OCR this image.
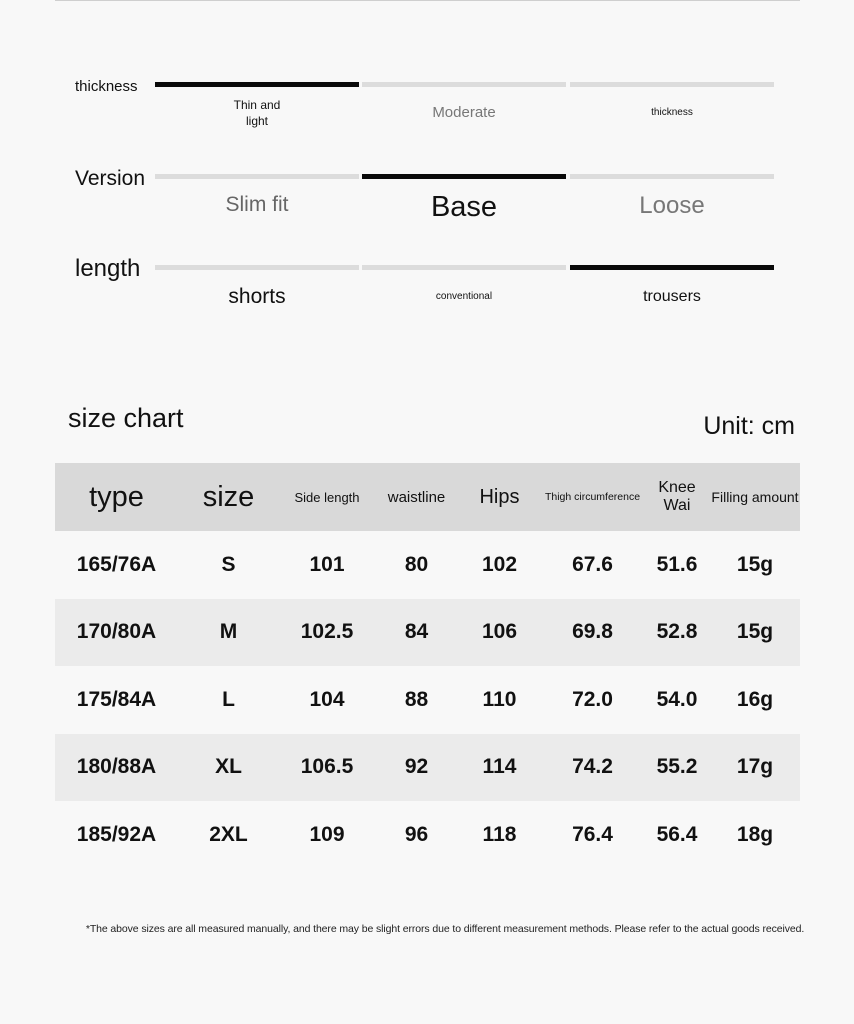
thickness
Thin and
light	Moderate	thickness
Version
Slim fit	Base	Loose
length
shorts	conventional	trousers
size chart	Unit: cm
type	size	Side length	waistline	Hips	Thigh circumference	Knee Wai	Filling amount
165/76A	S	101	80	102	67.6	51.6	15g
170/80A	M	102.5	84	106	69.8	52.8	15g
175/84A	L	104	88	110	72.0	54.0	16g
180/88A	XL	106.5	92	114	74.2	55.2	17g
185/92A	2XL	109	96	118	76.4	56.4	18g
*The above sizes are all measured manually, and there may be slight errors due to different measurement methods. Please refer to the actual goods received.
